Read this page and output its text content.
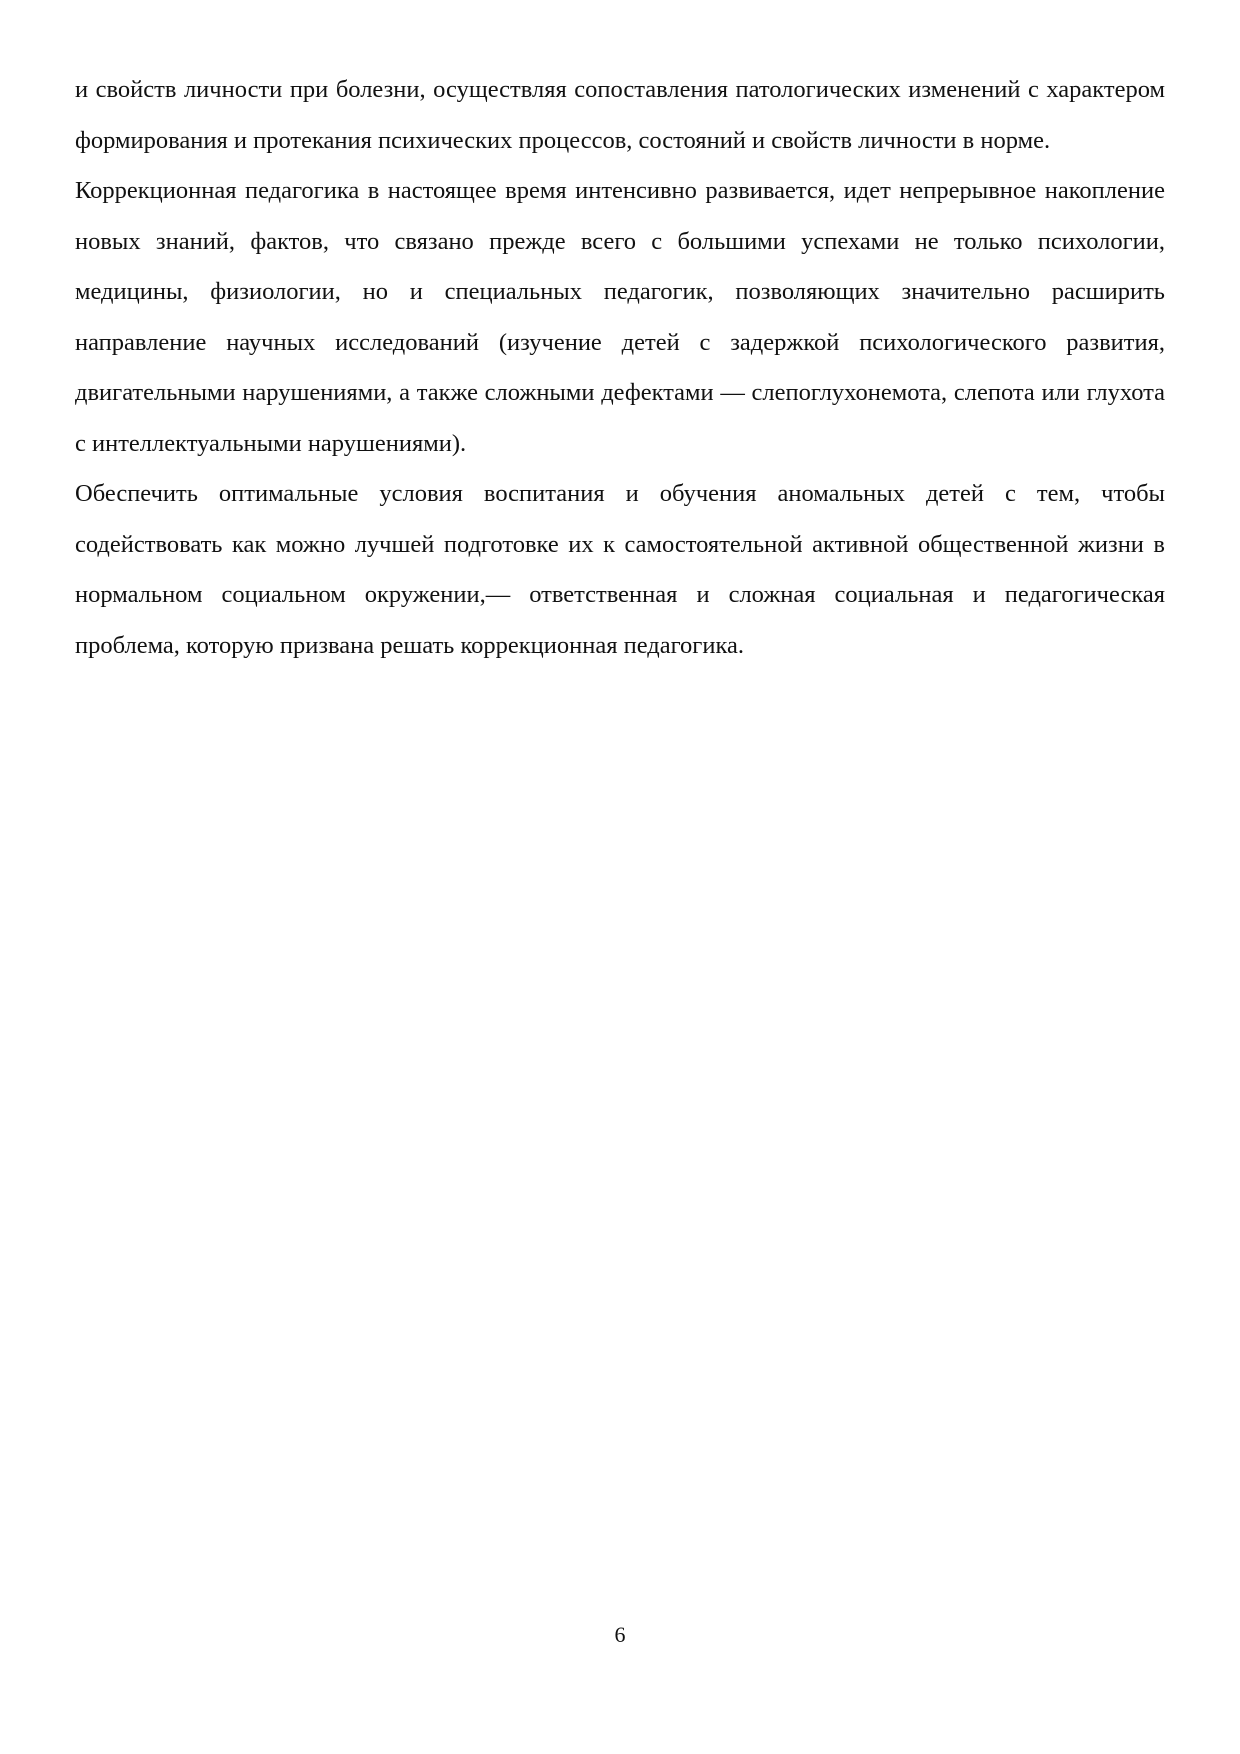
и свойств личности при болезни, осуществляя сопоставления патологических изменений с характером формирования и протекания психических процессов, состояний и свойств личности в норме.

Коррекционная педагогика в настоящее время интенсивно развивается, идет непрерывное накопление новых знаний, фактов, что связано прежде всего с большими успехами не только психологии, медицины, физиологии, но и специальных педагогик, позволяющих значительно расширить направление научных исследований (изучение детей с задержкой психологического развития, двигательными нарушениями, а также сложными дефектами — слепоглухонемота, слепота или глухота с интеллектуальными нарушениями).

Обеспечить оптимальные условия воспитания и обучения аномальных детей с тем, чтобы содействовать как можно лучшей подготовке их к самостоятельной активной общественной жизни в нормальном социальном окружении,— ответственная и сложная социальная и педагогическая проблема, которую призвана решать коррекционная педагогика.

6
